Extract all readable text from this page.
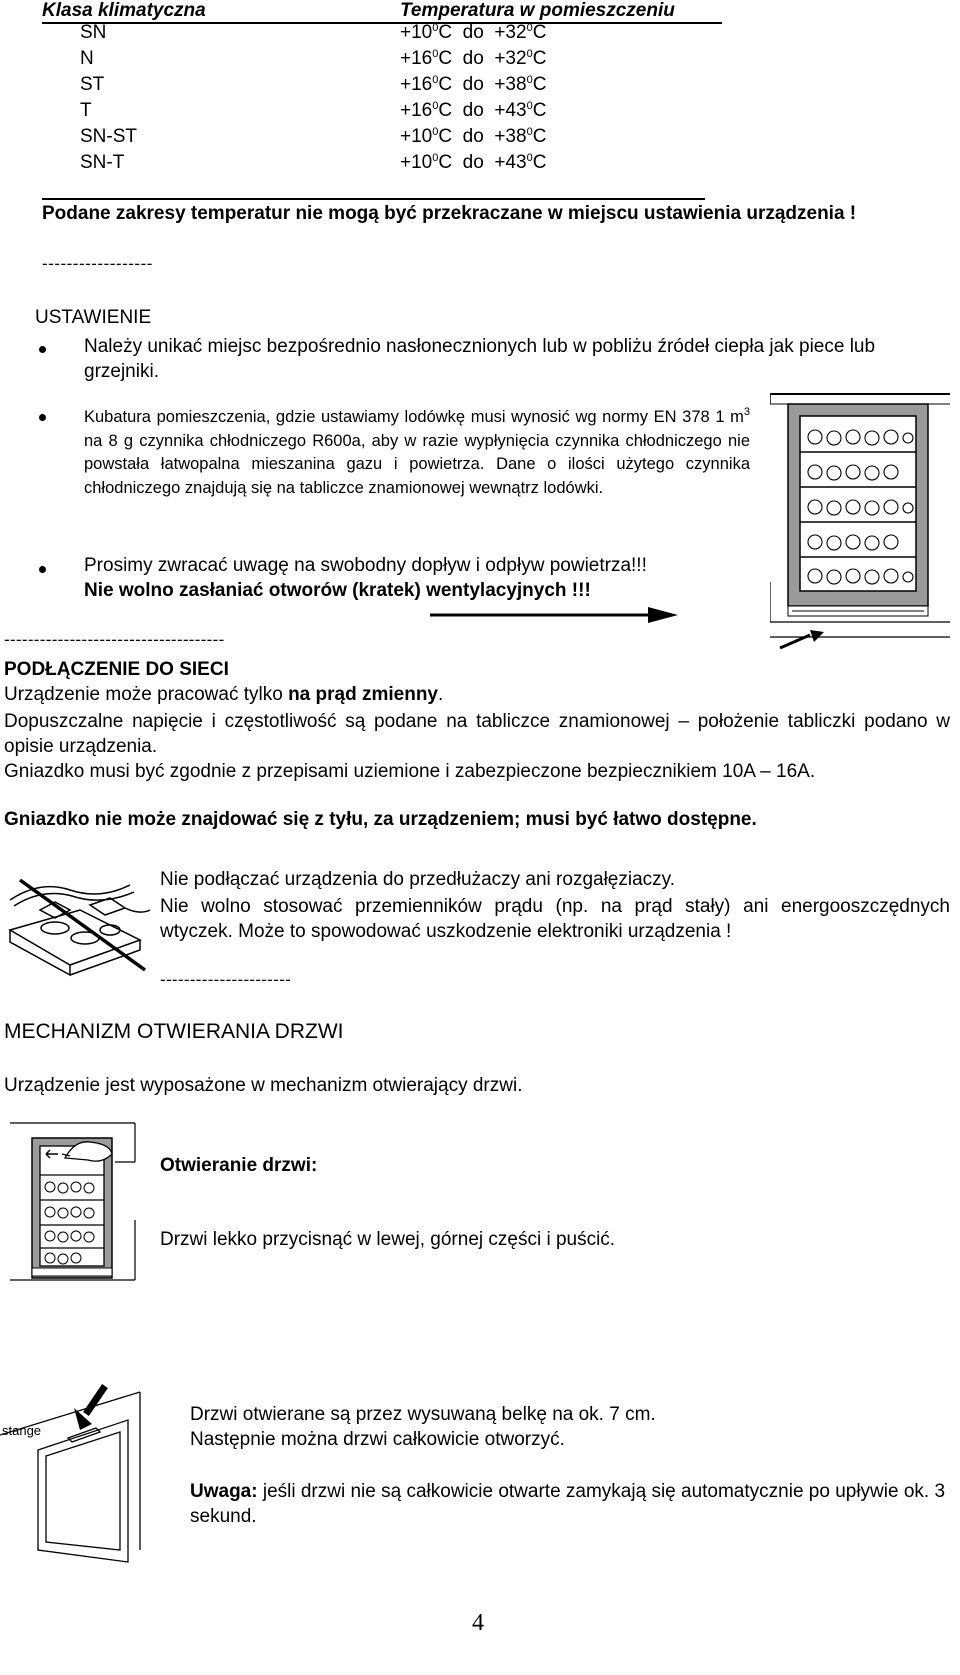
Klasa klimatyczna	Temperatura w pomieszczeniu
SN	$+10^0C$  do  $+32^0C$
N	$+16^0C$  do  $+32^0C$
ST	$+16^0C$  do  $+38^0C$
T	$+16^0C$  do  $+43^0C$
SN-ST	$+10^0C$  do  $+38^0C$
SN-T	$+10^0C$  do  $+43^0C$
Podane zakresy temperatur nie mogą być przekraczane w miejscu ustawienia urządzenia !
------------------
USTAWIENIE
Należy unikać miejsc bezpośrednio nasłonecznionych lub w pobliżu źródeł ciepła jak piece lub grzejniki.
Kubatura pomieszczenia, gdzie ustawiamy lodówkę musi wynosić wg normy EN 378 1 $m^3$ na 8 g czynnika chłodniczego R600a, aby w razie wypłynięcia czynnika chłodniczego nie powstała łatwopalna mieszanina gazu i powietrza. Dane o ilości użytego czynnika chłodniczego znajdują się na tabliczce znamionowej wewnątrz lodówki.
Prosimy zwracać uwagę na swobodny dopływ i odpływ powietrza!!!
Nie wolno zasłaniać otworów (kratek) wentylacyjnych !!!
-------------------------------------
PODŁĄCZENIE DO SIECI
Urządzenie może pracować tylko na prąd zmienny.
Dopuszczalne napięcie i częstotliwość są podane na tabliczce znamionowej – położenie tabliczki podano w opisie urządzenia.
Gniazdko musi być zgodnie z przepisami uziemione i zabezpieczone bezpiecznikiem 10A – 16A.
Gniazdko nie może znajdować się z tyłu, za urządzeniem; musi być łatwo dostępne.
Nie podłączać urządzenia do przedłużaczy ani rozgałęziaczy.
Nie wolno stosować przemienników prądu (np. na prąd stały) ani energooszczędnych wtyczek. Może to spowodować uszkodzenie elektroniki urządzenia !
----------------------
MECHANIZM OTWIERANIA DRZWI
Urządzenie jest wyposażone w mechanizm otwierający drzwi.
Otwieranie drzwi:
Drzwi lekko przycisnąć w lewej, górnej części i puścić.
stange
Drzwi otwierane są przez wysuwaną belkę na ok. 7 cm.
Następnie można drzwi całkowicie otworzyć.
Uwaga: jeśli drzwi nie są całkowicie otwarte zamykają się automatycznie po upływie ok. 3 sekund.
4
